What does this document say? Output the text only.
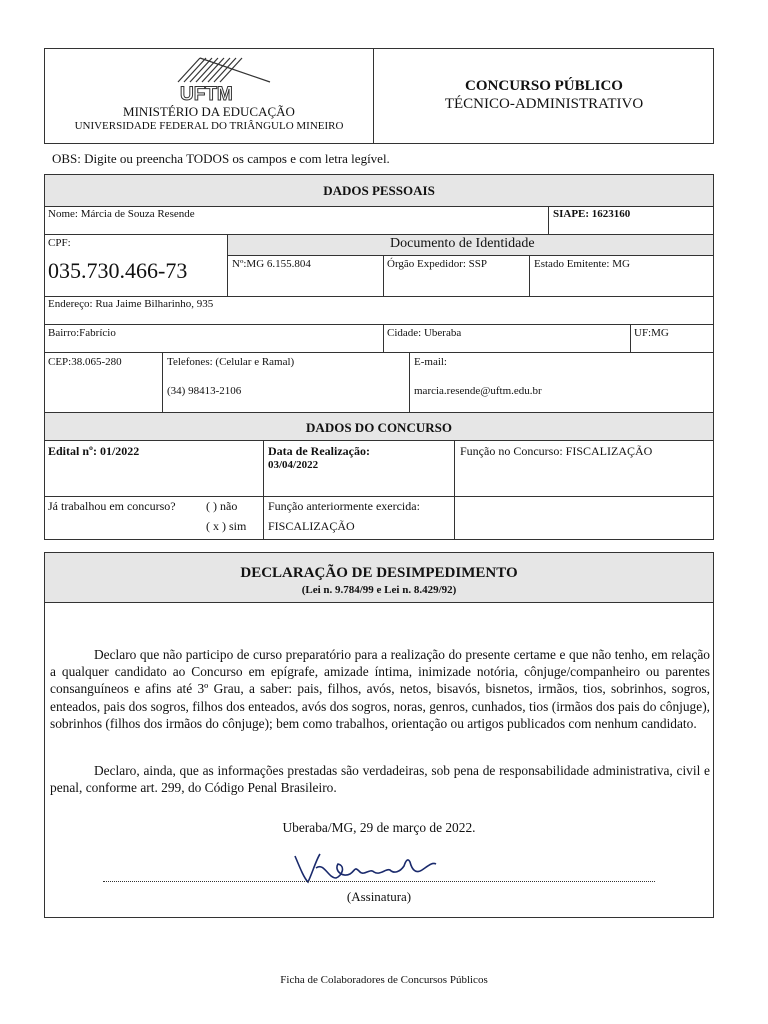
UFTM
MINISTÉRIO DA EDUCAÇÃO
UNIVERSIDADE FEDERAL DO TRIÂNGULO MINEIRO
CONCURSO PÚBLICO
TÉCNICO-ADMINISTRATIVO
OBS: Digite ou preencha TODOS os campos e com letra legível.
DADOS PESSOAIS
Nome: Márcia de Souza Resende	SIAPE: 1623160
CPF:
035.730.466-73
Documento de Identidade
Nº:MG 6.155.804	Órgão Expedidor: SSP	Estado Emitente: MG
Endereço: Rua Jaime Bilharinho, 935
Bairro:Fabrício	Cidade: Uberaba	UF:MG
CEP:38.065-280	Telefones: (Celular e Ramal)
(34) 98413-2106
E-mail:
marcia.resende@uftm.edu.br
DADOS DO CONCURSO
Edital nº: 01/2022	Data de Realização:
03/04/2022
Função no Concurso: FISCALIZAÇÃO
Já trabalhou em concurso?	( ) não
( x ) sim
Função anteriormente exercida:
FISCALIZAÇÃO
DECLARAÇÃO DE DESIMPEDIMENTO
(Lei n. 9.784/99 e Lei n. 8.429/92)
Declaro que não participo de curso preparatório para a realização do presente certame e que não tenho, em relação a qualquer candidato ao Concurso em epígrafe, amizade íntima, inimizade notória, cônjuge/companheiro ou parentes consanguíneos e afins até 3º Grau, a saber: pais, filhos, avós, netos, bisavós, bisnetos, irmãos, tios, sobrinhos, sogros, enteados, pais dos sogros, filhos dos enteados, avós dos sogros, noras, genros, cunhados, tios (irmãos dos pais do cônjuge), sobrinhos (filhos dos irmãos do cônjuge); bem como trabalhos, orientação ou artigos publicados com nenhum candidato.
Declaro, ainda, que as informações prestadas são verdadeiras, sob pena de responsabilidade administrativa, civil e penal, conforme art. 299, do Código Penal Brasileiro.
Uberaba/MG, 29 de março de 2022.
(Assinatura)
Ficha de Colaboradores de Concursos Públicos
